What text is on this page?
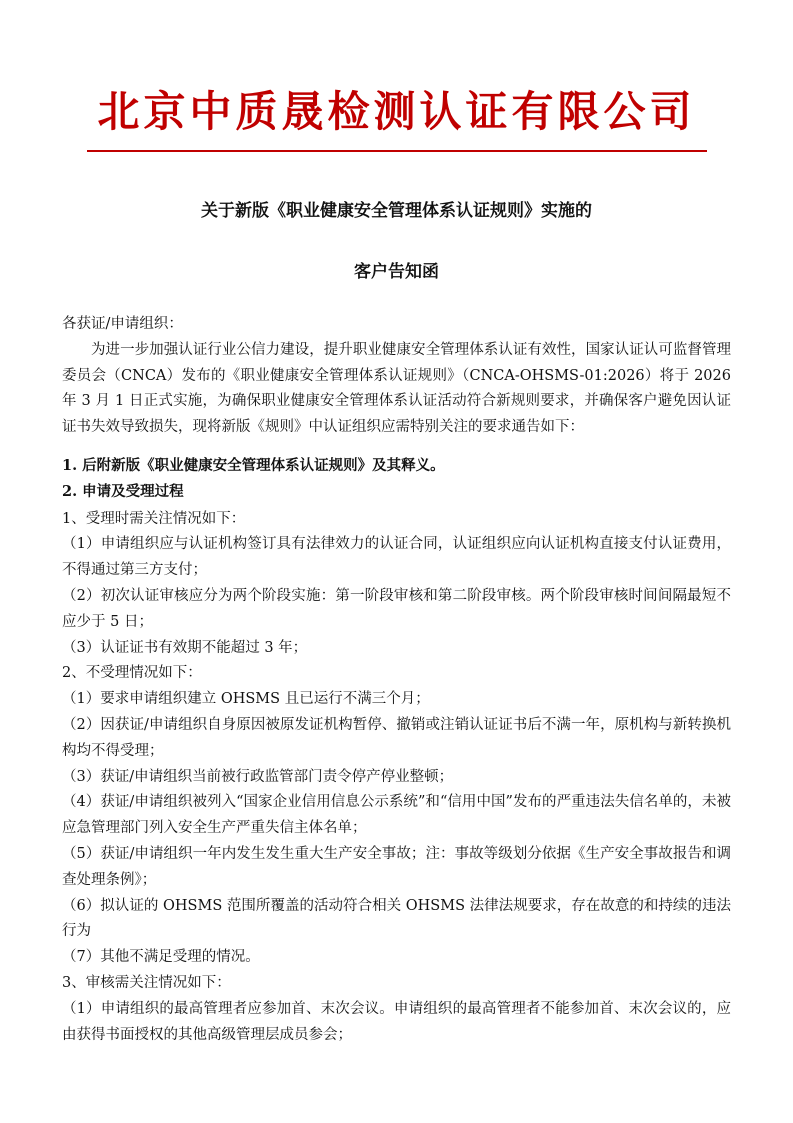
北京中质晟检测认证有限公司
关于新版《职业健康安全管理体系认证规则》实施的
客户告知函
各获证/申请组织：

为进一步加强认证行业公信力建设，提升职业健康安全管理体系认证有效性，国家认证认可监督管理委员会（CNCA）发布的《职业健康安全管理体系认证规则》（CNCA-OHSMS-01:2026）将于 2026 年 3 月 1 日正式实施，为确保职业健康安全管理体系认证活动符合新规则要求，并确保客户避免因认证证书失效导致损失，现将新版《规则》中认证组织应需特别关注的要求通告如下：

1. 后附新版《职业健康安全管理体系认证规则》及其释义。
2. 申请及受理过程

1、受理时需关注情况如下：

（1）申请组织应与认证机构签订具有法律效力的认证合同，认证组织应向认证机构直接支付认证费用，不得通过第三方支付；

（2）初次认证审核应分为两个阶段实施：第一阶段审核和第二阶段审核。两个阶段审核时间间隔最短不应少于 5 日；

（3）认证证书有效期不能超过 3 年；

2、不受理情况如下：

（1）要求申请组织建立 OHSMS 且已运行不满三个月；

（2）因获证/申请组织自身原因被原发证机构暂停、撤销或注销认证证书后不满一年，原机构与新转换机构均不得受理；

（3）获证/申请组织当前被行政监管部门责令停产停业整顿；

（4）获证/申请组织被列入“国家企业信用信息公示系统”和“信用中国”发布的严重违法失信名单的，未被应急管理部门列入安全生产严重失信主体名单；

（5）获证/申请组织一年内发生发生重大生产安全事故；注：事故等级划分依据《生产安全事故报告和调查处理条例》；

（6）拟认证的 OHSMS 范围所覆盖的活动符合相关 OHSMS 法律法规要求，存在故意的和持续的违法行为

（7）其他不满足受理的情况。

3、审核需关注情况如下：

（1）申请组织的最高管理者应参加首、末次会议。申请组织的最高管理者不能参加首、末次会议的，应由获得书面授权的其他高级管理层成员参会；
